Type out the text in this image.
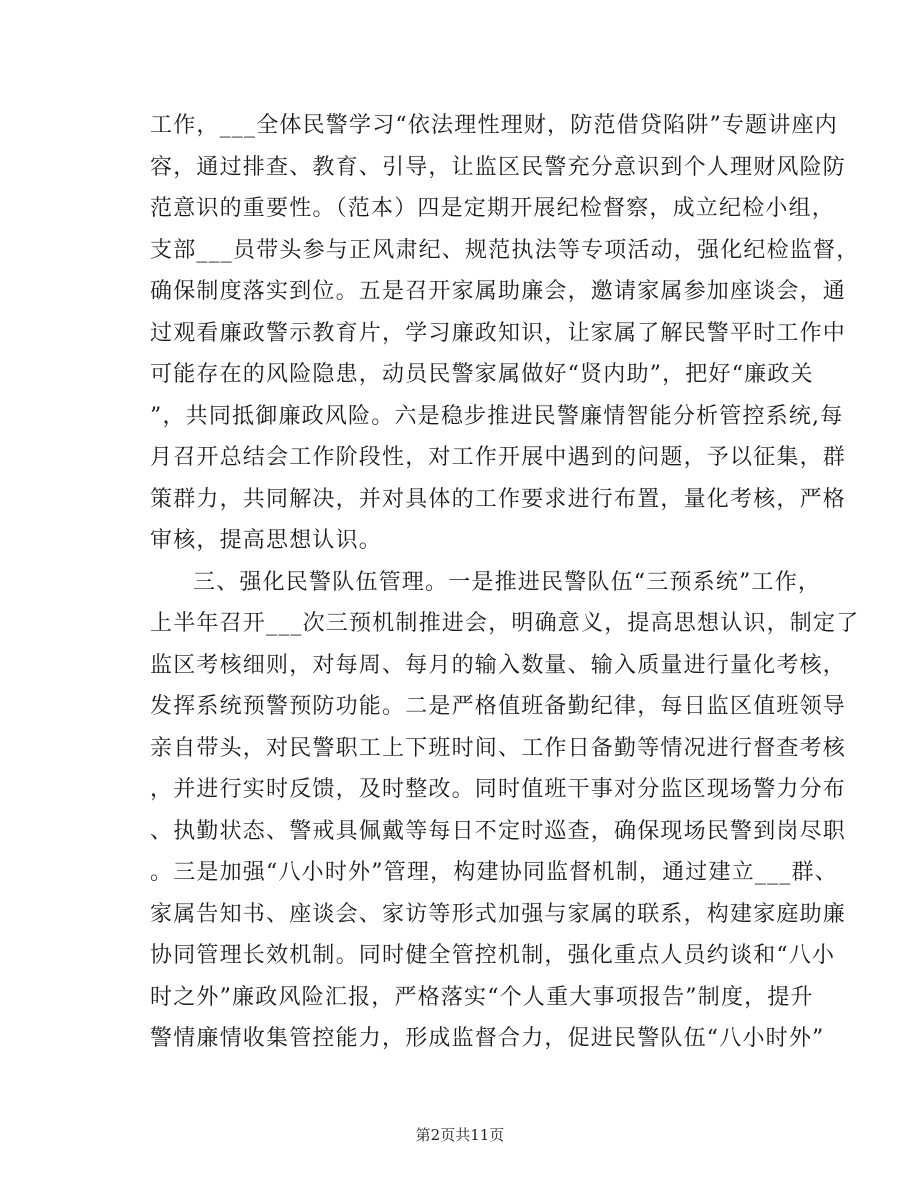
工作，___全体民警学习“依法理性理财，防范借贷陷阱”专题讲座内
容，通过排查、教育、引导，让监区民警充分意识到个人理财风险防
范意识的重要性。（范本）四是定期开展纪检督察，成立纪检小组，
支部___员带头参与正风肃纪、规范执法等专项活动，强化纪检监督，
确保制度落实到位。五是召开家属助廉会，邀请家属参加座谈会，通
过观看廉政警示教育片，学习廉政知识，让家属了解民警平时工作中
可能存在的风险隐患，动员民警家属做好“贤内助”，把好“廉政关
”，共同抵御廉政风险。六是稳步推进民警廉情智能分析管控系统,每
月召开总结会工作阶段性，对工作开展中遇到的问题，予以征集，群
策群力，共同解决，并对具体的工作要求进行布置，量化考核，严格
审核，提高思想认识。
三、强化民警队伍管理。一是推进民警队伍“三预系统”工作，
上半年召开___次三预机制推进会，明确意义，提高思想认识，制定了
监区考核细则，对每周、每月的输入数量、输入质量进行量化考核，
发挥系统预警预防功能。二是严格值班备勤纪律，每日监区值班领导
亲自带头，对民警职工上下班时间、工作日备勤等情况进行督查考核
，并进行实时反馈，及时整改。同时值班干事对分监区现场警力分布
、执勤状态、警戒具佩戴等每日不定时巡查，确保现场民警到岗尽职
。三是加强“八小时外”管理，构建协同监督机制，通过建立___群、
家属告知书、座谈会、家访等形式加强与家属的联系，构建家庭助廉
协同管理长效机制。同时健全管控机制，强化重点人员约谈和“八小
时之外”廉政风险汇报，严格落实“个人重大事项报告”制度，提升
警情廉情收集管控能力，形成监督合力，促进民警队伍“八小时外”
第2页共11页
